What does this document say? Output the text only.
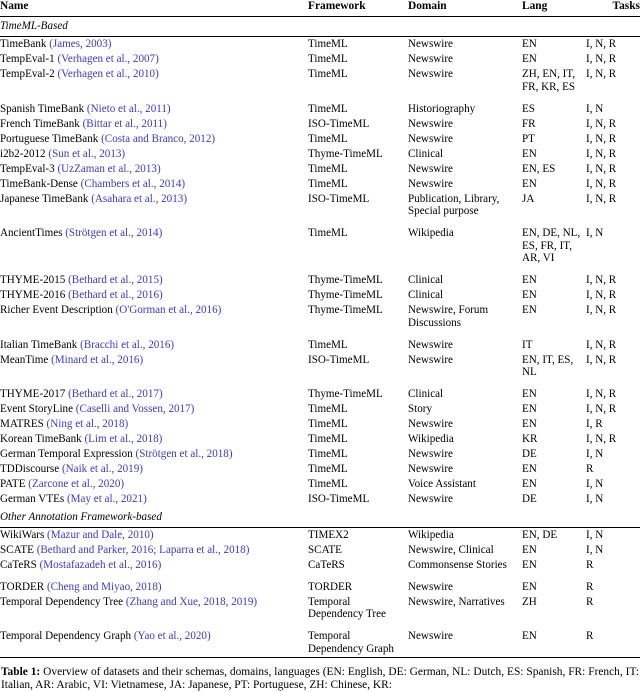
Name	Framework	Domain	Lang	Tasks
TimeML-Based				
TimeBank (James, 2003)	TimeML	Newswire	EN	I, N, R
TempEval-1 (Verhagen et al., 2007)	TimeML	Newswire	EN	I, N, R
TempEval-2 (Verhagen et al., 2010)	TimeML	Newswire	ZH, EN, IT, FR, KR, ES	I, N, R

Spanish TimeBank (Nieto et al., 2011)	TimeML	Historiography	ES	I, N
French TimeBank (Bittar et al., 2011)	ISO-TimeML	Newswire	FR	I, N, R
Portuguese TimeBank (Costa and Branco, 2012)	TimeML	Newswire	PT	I, N, R
i2b2-2012 (Sun et al., 2013)	Thyme-TimeML	Clinical	EN	I, N, R
TempEval-3 (UzZaman et al., 2013)	TimeML	Newswire	EN, ES	I, N, R
TimeBank-Dense (Chambers et al., 2014)	TimeML	Newswire	EN	I, N, R
Japanese TimeBank (Asahara et al., 2013)	ISO-TimeML	Publication, Library, Special purpose	JA	I, N, R

AncientTimes (Strötgen et al., 2014)	TimeML	Wikipedia	EN, DE, NL, ES, FR, IT, AR, VI	I, N

THYME-2015 (Bethard et al., 2015)	Thyme-TimeML	Clinical	EN	I, N, R
THYME-2016 (Bethard et al., 2016)	Thyme-TimeML	Clinical	EN	I, N, R
Richer Event Description (O'Gorman et al., 2016)	Thyme-TimeML	Newswire, Forum Discussions	EN	I, N, R

Italian TimeBank (Bracchi et al., 2016)	TimeML	Newswire	IT	I, N, R
MeanTime (Minard et al., 2016)	ISO-TimeML	Newswire	EN, IT, ES, NL	I, N, R

THYME-2017 (Bethard et al., 2017)	Thyme-TimeML	Clinical	EN	I, N, R
Event StoryLine (Caselli and Vossen, 2017)	TimeML	Story	EN	I, N, R
MATRES (Ning et al., 2018)	TimeML	Newswire	EN	I, R
Korean TimeBank (Lim et al., 2018)	TimeML	Wikipedia	KR	I, N, R
German Temporal Expression (Strötgen et al., 2018)	TimeML	Newswire	DE	I, N
TDDiscourse (Naik et al., 2019)	TimeML	Newswire	EN	R
PATE (Zarcone et al., 2020)	TimeML	Voice Assistant	EN	I, N
German VTEs (May et al., 2021)	ISO-TimeML	Newswire	DE	I, N
Other Annotation Framework-based				
WikiWars (Mazur and Dale, 2010)	TIMEX2	Wikipedia	EN, DE	I, N
SCATE (Bethard and Parker, 2016; Laparra et al., 2018)	SCATE	Newswire, Clinical	EN	I, N
CaTeRS (Mostafazadeh et al., 2016)	CaTeRS	Commonsense Stories	EN	R

TORDER (Cheng and Miyao, 2018)	TORDER	Newswire	EN	R
Temporal Dependency Tree (Zhang and Xue, 2018, 2019)	Temporal Dependency Tree	Newswire, Narratives	ZH	R

Temporal Dependency Graph (Yao et al., 2020)	Temporal Dependency Graph	Newswire	EN	R
Table 1: Overview of datasets and their schemas, domains, languages (EN: English, DE: German, NL: Dutch, ES: Spanish, FR: French, IT: Italian, AR: Arabic, VI: Vietnamese, JA: Japanese, PT: Portuguese, ZH: Chinese, KR:
